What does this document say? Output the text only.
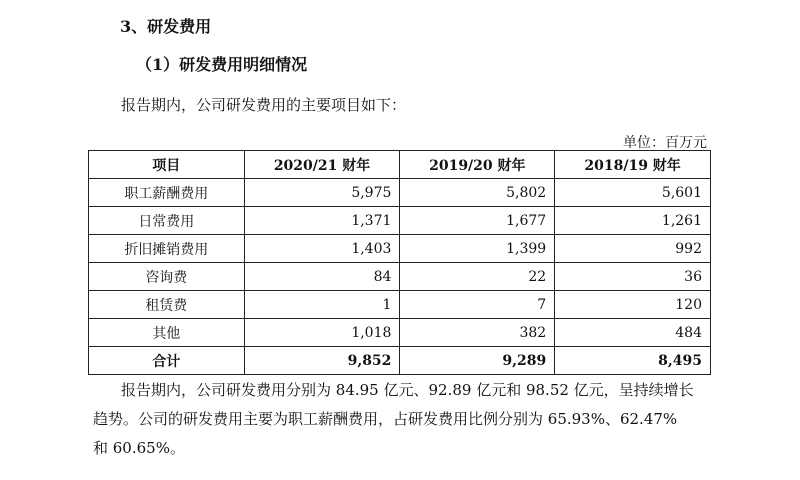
3、研发费用
（1）研发费用明细情况
报告期内，公司研发费用的主要项目如下：
单位：百万元
项目	2020/21 财年	2019/20 财年	2018/19 财年
职工薪酬费用	5,975	5,802	5,601
日常费用	1,371	1,677	1,261
折旧摊销费用	1,403	1,399	992
咨询费	84	22	36
租赁费	1	7	120
其他	1,018	382	484
合计	9,852	9,289	8,495
报告期内，公司研发费用分别为 84.95 亿元、92.89 亿元和 98.52 亿元，呈持续增长
趋势。公司的研发费用主要为职工薪酬费用，占研发费用比例分别为 65.93%、62.47%
和 60.65%。
